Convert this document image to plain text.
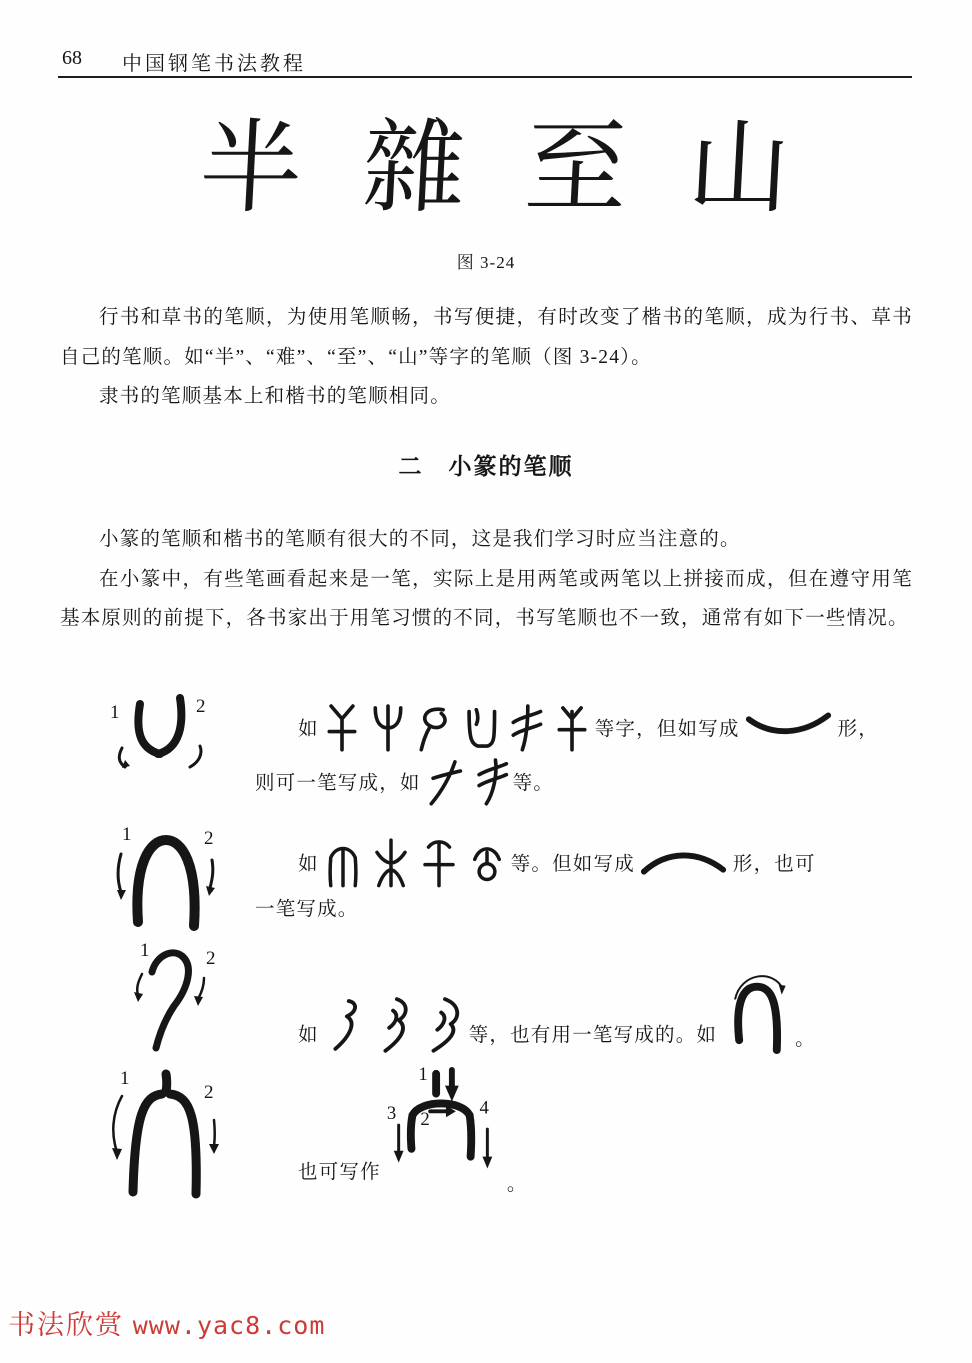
68 中国钢笔书法教程
半 雜 至 山
图 3-24

行书和草书的笔顺，为使用笔顺畅，书写便捷，有时改变了楷书的笔顺，成为行书、草书自己的笔顺。如“半”、“难”、“至”、“山”等字的笔顺（图 3-24）。

隶书的笔顺基本上和楷书的笔顺相同。

二　小篆的笔顺

小篆的笔顺和楷书的笔顺有很大的不同，这是我们学习时应当注意的。

在小篆中，有些笔画看起来是一笔，实际上是用两笔或两笔以上拼接而成，但在遵守用笔基本原则的前提下，各书家出于用笔习惯的不同，书写笔顺也不一致，通常有如下一些情况。

1	2
如	等字，但如写成	形，
则可一笔写成，如	等。
1	2
如	等。但如写成	形，也可
一笔写成。
1	2
如	等，也有用一笔写成的。如	。
1
2
也可写作
1
2
3	4
。
书法欣赏 www.yac8.com
